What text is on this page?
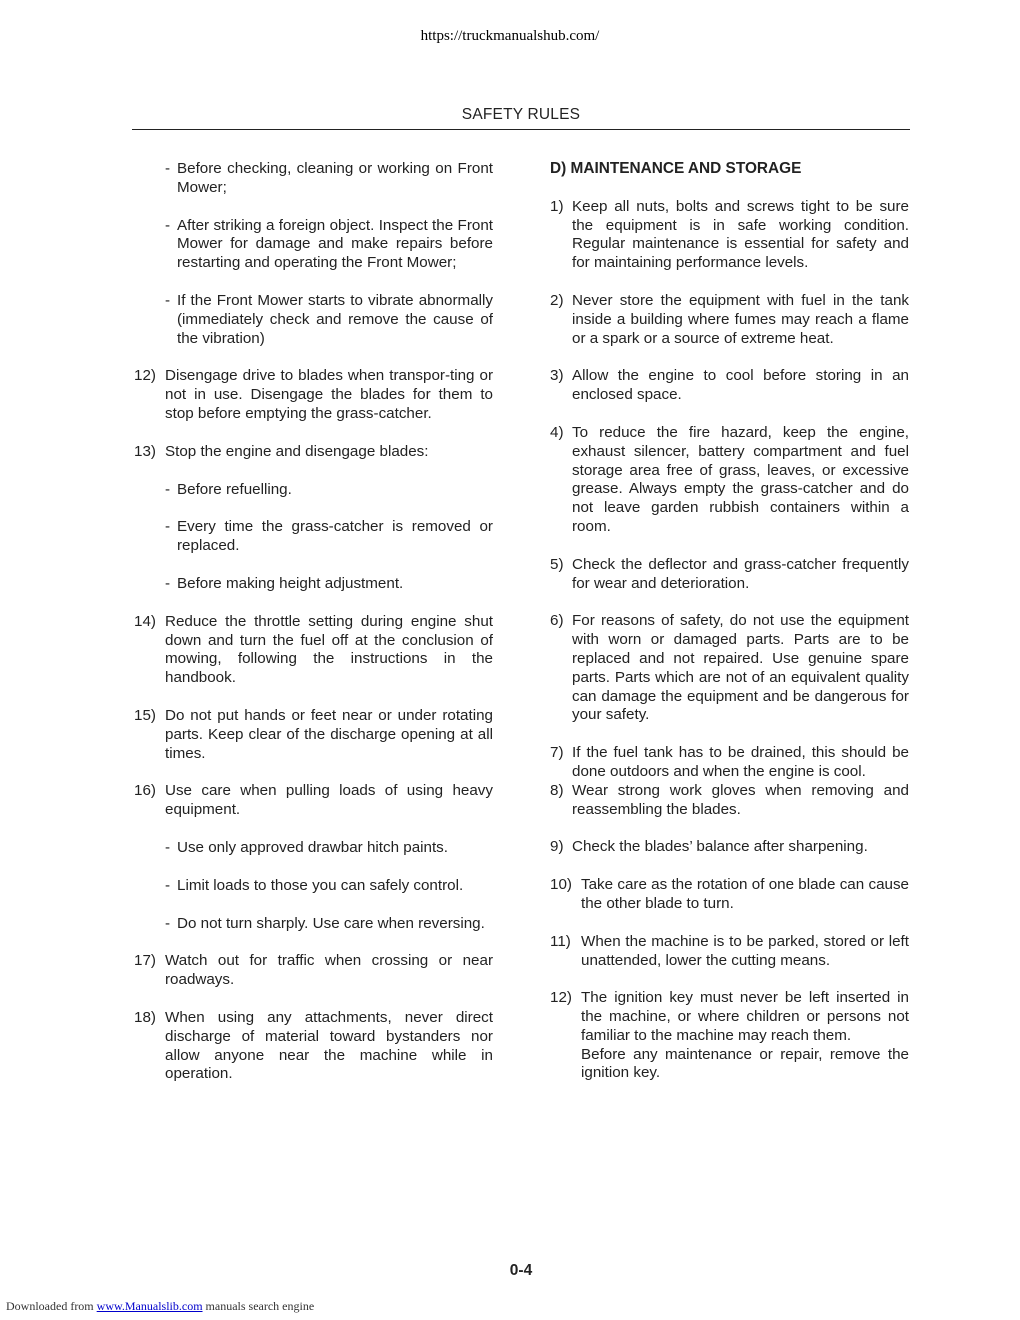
https://truckmanualshub.com/
SAFETY RULES
- Before checking, cleaning or working on Front Mower;
- After striking a foreign object. Inspect the Front Mower for damage and make repairs before restarting and operating the Front Mower;
- If the Front Mower starts to vibrate abnormally (immediately check and remove the cause of the vibration)
12) Disengage drive to blades when transpor-ting or not in use. Disengage the blades for them to stop before emptying the grass-catcher.
13) Stop the engine and disengage blades:
- Before refuelling.
- Every time the grass-catcher is removed or replaced.
- Before making height adjustment.
14) Reduce the throttle setting during engine shut down and turn the fuel off at the conclusion of mowing, following the instructions in the handbook.
15) Do not put hands or feet near or under rotating parts. Keep clear of the discharge opening at all times.
16) Use care when pulling loads of using heavy equipment.
- Use only approved drawbar hitch paints.
- Limit loads to those you can safely control.
- Do not turn sharply. Use care when reversing.
17) Watch out for traffic when crossing or near roadways.
18) When using any attachments, never direct discharge of material toward bystanders nor allow anyone near the machine while in operation.
D) MAINTENANCE AND STORAGE
1) Keep all nuts, bolts and screws tight to be sure the equipment is in safe working condition. Regular maintenance is essential for safety and for maintaining performance levels.
2) Never store the equipment with fuel in the tank inside a building where fumes may reach a flame or a spark or a source of extreme heat.
3) Allow the engine to cool before storing in an enclosed space.
4) To reduce the fire hazard, keep the engine, exhaust silencer, battery compartment and fuel storage area free of grass, leaves, or excessive grease. Always empty the grass-catcher and do not leave garden rubbish containers within a room.
5) Check the deflector and grass-catcher frequently for wear and deterioration.
6) For reasons of safety, do not use the equipment with worn or damaged parts. Parts are to be replaced and not repaired. Use genuine spare parts. Parts which are not of an equivalent quality can damage the equipment and be dangerous for your safety.
7) If the fuel tank has to be drained, this should be done outdoors and when the engine is cool.
8) Wear strong work gloves when removing and reassembling the blades.
9) Check the blades’ balance after sharpening.
10) Take care as the rotation of one blade can cause the other blade to turn.
11) When the machine is to be parked, stored or left unattended, lower the cutting means.
12) The ignition key must never be left inserted in the machine, or where children or persons not familiar to the machine may reach them.
Before any maintenance or repair, remove the ignition key.
0-4
Downloaded from www.Manualslib.com manuals search engine
